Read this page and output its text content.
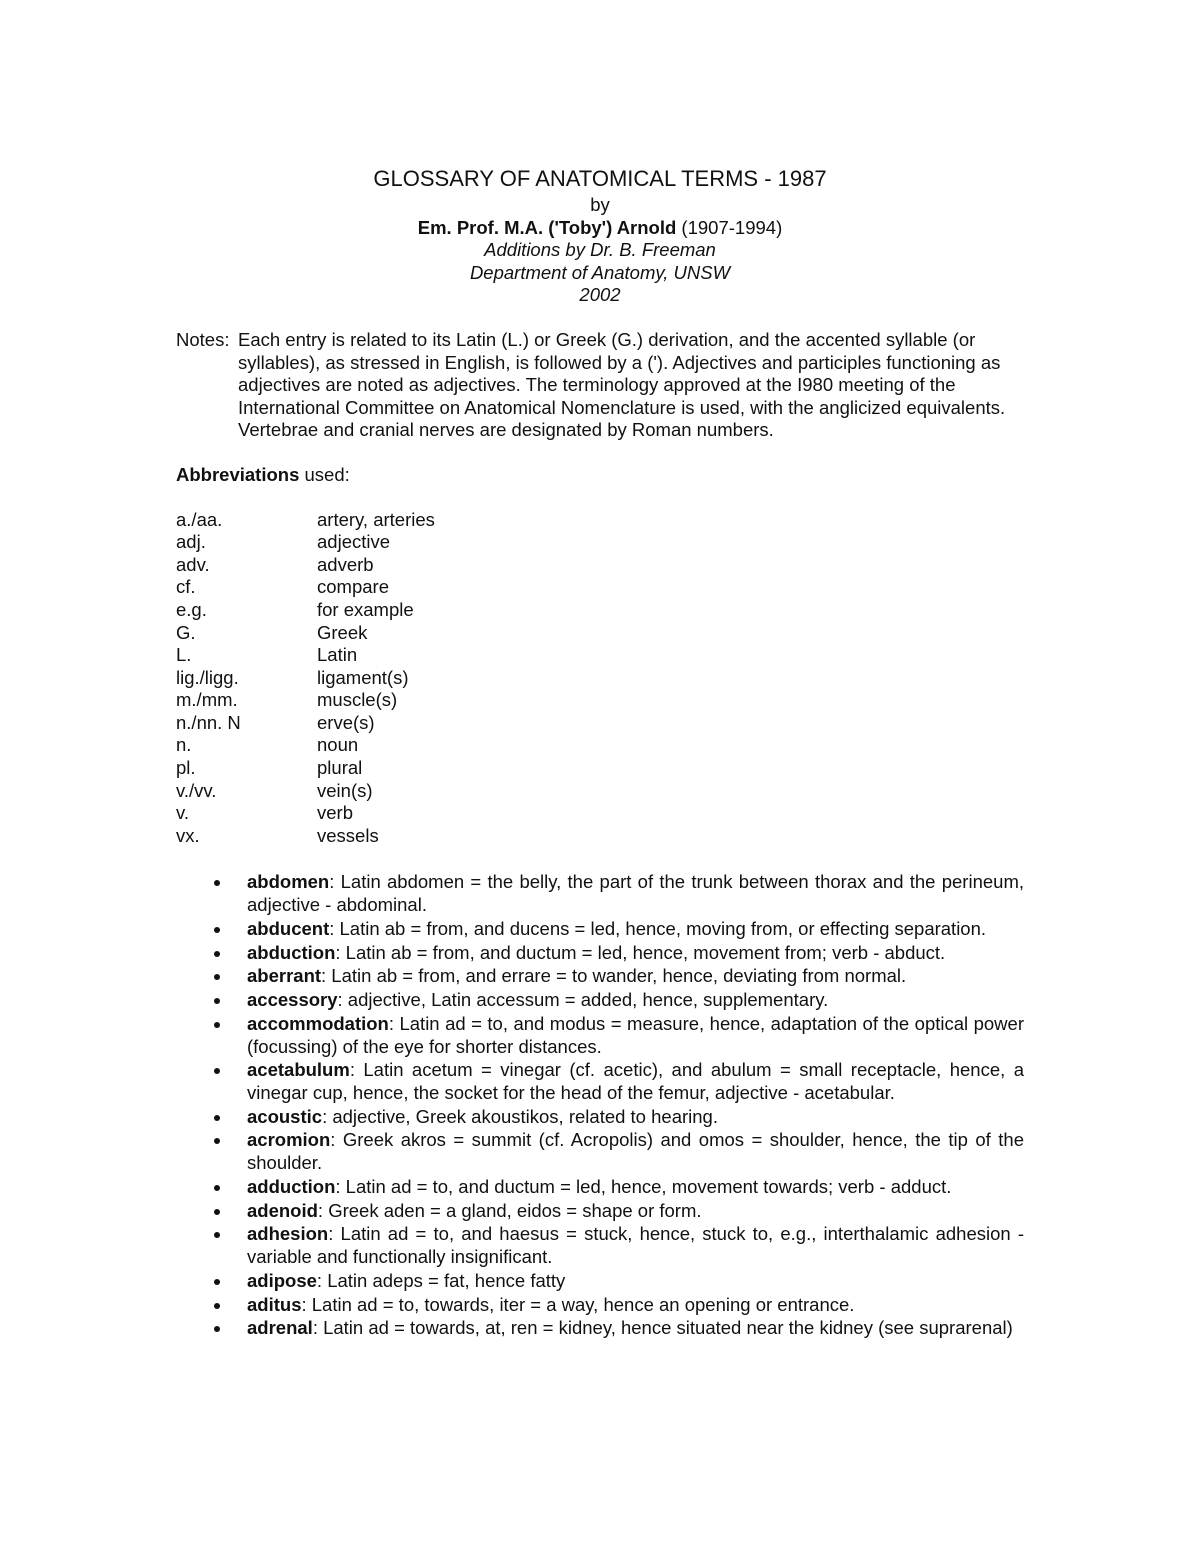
GLOSSARY OF ANATOMICAL TERMS - 1987
by
Em. Prof. M.A. ('Toby') Arnold (1907-1994)
Additions by Dr. B. Freeman
Department of Anatomy, UNSW
2002
Notes: Each entry is related to its Latin (L.) or Greek (G.) derivation, and the accented syllable (or syllables), as stressed in English, is followed by a ('). Adjectives and participles functioning as adjectives are noted as adjectives. The terminology approved at the I980 meeting of the International Committee on Anatomical Nomenclature is used, with the anglicized equivalents. Vertebrae and cranial nerves are designated by Roman numbers.
Abbreviations used:
a./aa.	artery, arteries
adj.	adjective
adv.	adverb
cf.	compare
e.g.	for example
G.	Greek
L.	Latin
lig./ligg.	ligament(s)
m./mm.	muscle(s)
n./nn. N	erve(s)
n.	noun
pl.	plural
v./vv.	vein(s)
v.	verb
vx.	vessels
abdomen: Latin abdomen = the belly, the part of the trunk between thorax and the perineum, adjective - abdominal.
abducent: Latin ab = from, and ducens = led, hence, moving from, or effecting separation.
abduction: Latin ab = from, and ductum = led, hence, movement from; verb - abduct.
aberrant: Latin ab = from, and errare = to wander, hence, deviating from normal.
accessory: adjective, Latin accessum = added, hence, supplementary.
accommodation: Latin ad = to, and modus = measure, hence, adaptation of the optical power (focussing) of the eye for shorter distances.
acetabulum: Latin acetum = vinegar (cf. acetic), and abulum = small receptacle, hence, a vinegar cup, hence, the socket for the head of the femur, adjective - acetabular.
acoustic: adjective, Greek akoustikos, related to hearing.
acromion: Greek akros = summit (cf. Acropolis) and omos = shoulder, hence, the tip of the shoulder.
adduction: Latin ad = to, and ductum = led, hence, movement towards; verb - adduct.
adenoid: Greek aden = a gland, eidos = shape or form.
adhesion: Latin ad = to, and haesus = stuck, hence, stuck to, e.g., interthalamic adhesion - variable and functionally insignificant.
adipose: Latin adeps = fat, hence fatty
aditus: Latin ad = to, towards, iter = a way, hence an opening or entrance.
adrenal: Latin ad = towards, at, ren = kidney, hence situated near the kidney (see suprarenal)
